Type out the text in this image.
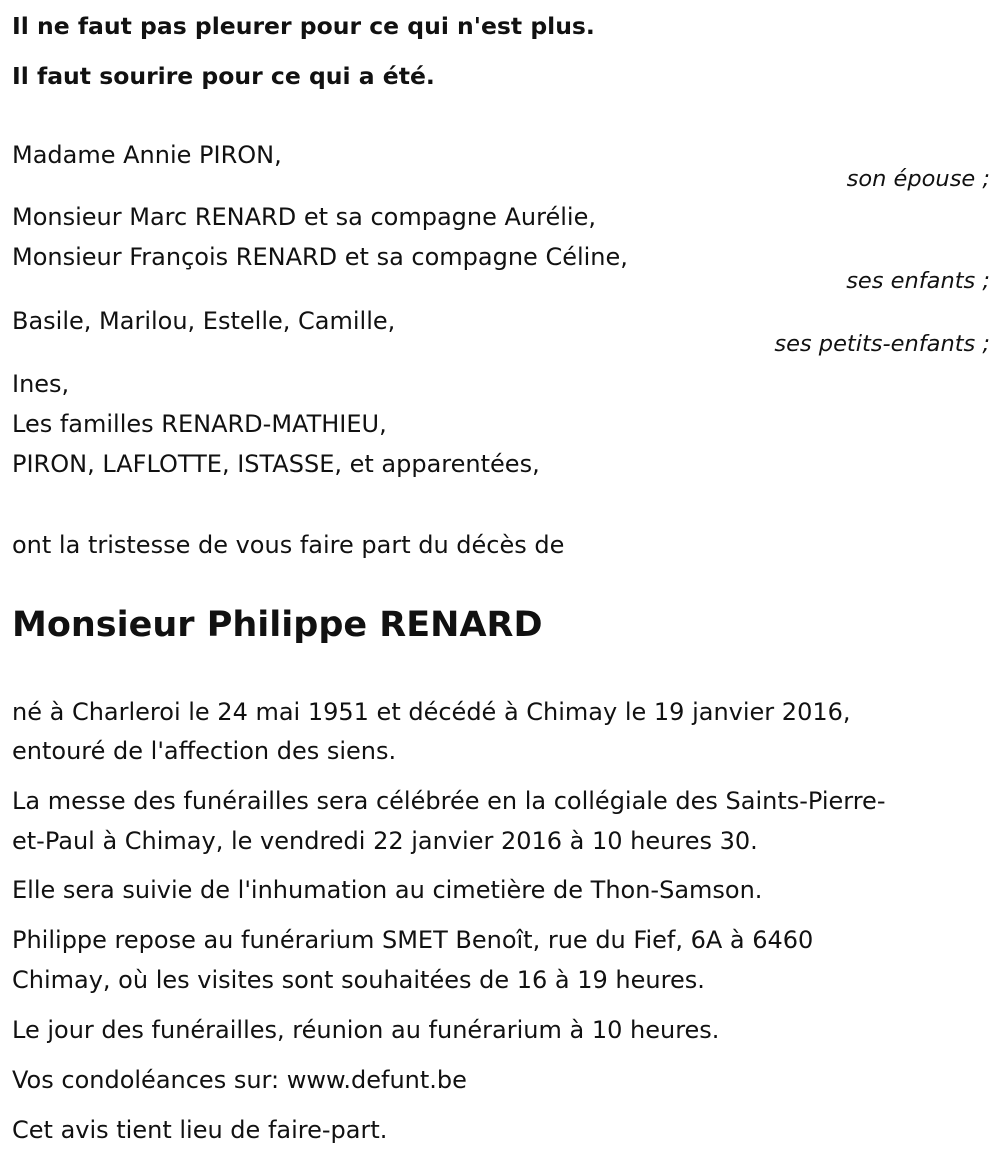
Il ne faut pas pleurer pour ce qui n'est plus.
Il faut sourire pour ce qui a été.
Madame Annie PIRON,
son épouse ;
Monsieur Marc RENARD et sa compagne Aurélie,
Monsieur François RENARD et sa compagne Céline,
ses enfants ;
Basile, Marilou, Estelle, Camille,
ses petits-enfants ;
Ines,
Les familles RENARD-MATHIEU,
PIRON, LAFLOTTE, ISTASSE, et apparentées,
ont la tristesse de vous faire part du décès de
Monsieur Philippe RENARD
né à Charleroi le 24 mai 1951 et décédé à Chimay le 19 janvier 2016,
entouré de l'affection des siens.
La messe des funérailles sera célébrée en la collégiale des Saints-Pierre-
et-Paul à Chimay, le vendredi 22 janvier 2016 à 10 heures 30.
Elle sera suivie de l'inhumation au cimetière de Thon-Samson.
Philippe repose au funérarium SMET Benoît, rue du Fief, 6A à 6460
Chimay, où les visites sont souhaitées de 16 à 19 heures.
Le jour des funérailles, réunion au funérarium à 10 heures.
Vos condoléances sur: www.defunt.be
Cet avis tient lieu de faire-part.
